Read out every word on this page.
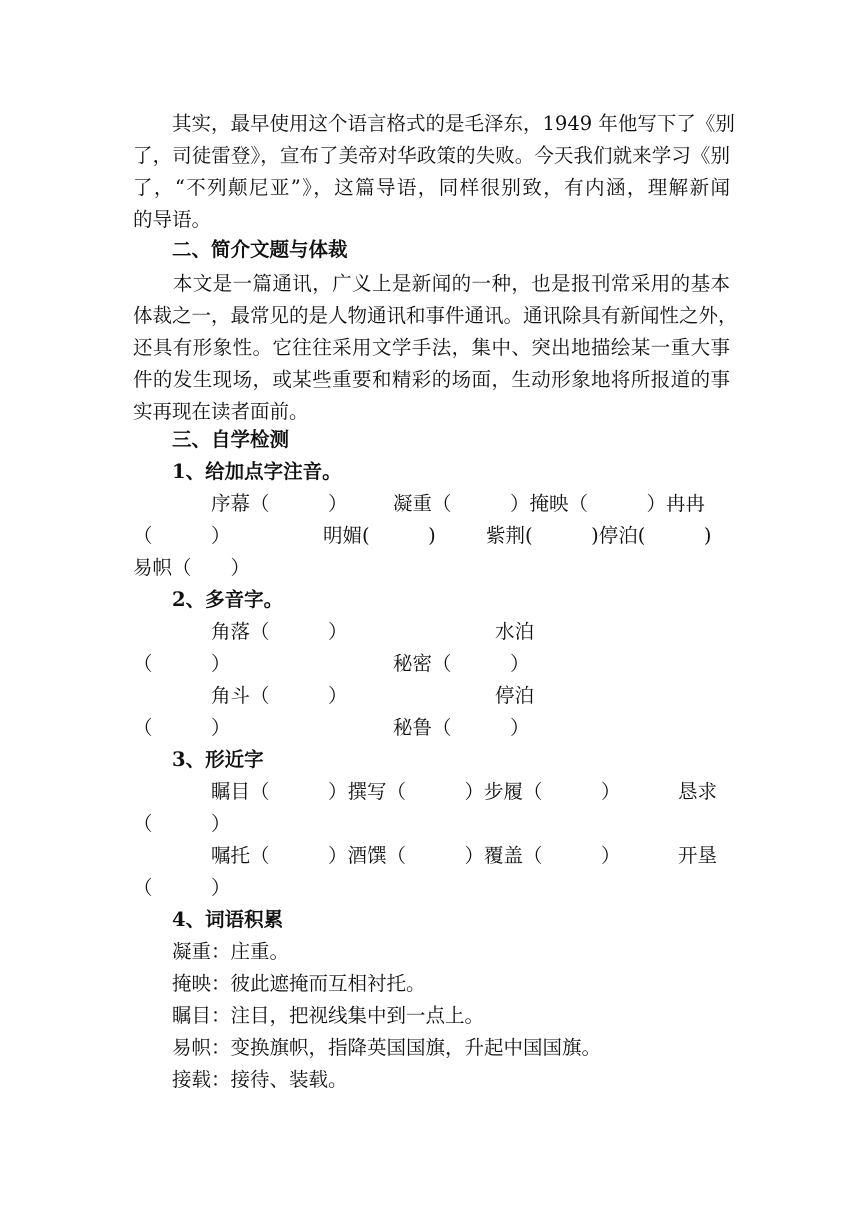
　　其实，最早使用这个语言格式的是毛泽东，1949 年他写下了《别
了，司徒雷登》，宣布了美帝对华政策的失败。今天我们就来学习《别
了，“不列颠尼亚”》，这篇导语，同样很别致，有内涵，理解新闻
的导语。
二、简介文题与体裁
　　本文是一篇通讯，广义上是新闻的一种，也是报刊常采用的基本
体裁之一，最常见的是人物通讯和事件通讯。通讯除具有新闻性之外，
还具有形象性。它往往采用文学手法，集中、突出地描绘某一重大事
件的发生现场，或某些重要和精彩的场面，生动形象地将所报道的事
实再现在读者面前。
三、自学检测
1、给加点字注音。
序幕（　　　） 凝重（　　　）掩映（　　　）冉冉
（　　　）	明媚(　　　)	紫荆(　　　)停泊(　　　)
易帜（　　）
2、多音字。
角落（　　　）	水泊
（　　　）	秘密（　　　）
角斗（　　　）	停泊
（　　　）	秘鲁（　　　）
3、形近字
瞩目（　　　）撰写（　　　）步履（　　　）	恳求
（　　　）
嘱托（　　　）酒馔（　　　）覆盖（　　　）	开垦
（　　　）
4、词语积累
凝重：庄重。
掩映：彼此遮掩而互相衬托。
瞩目：注目，把视线集中到一点上。
易帜：变换旗帜，指降英国国旗，升起中国国旗。
接载：接待、装载。
